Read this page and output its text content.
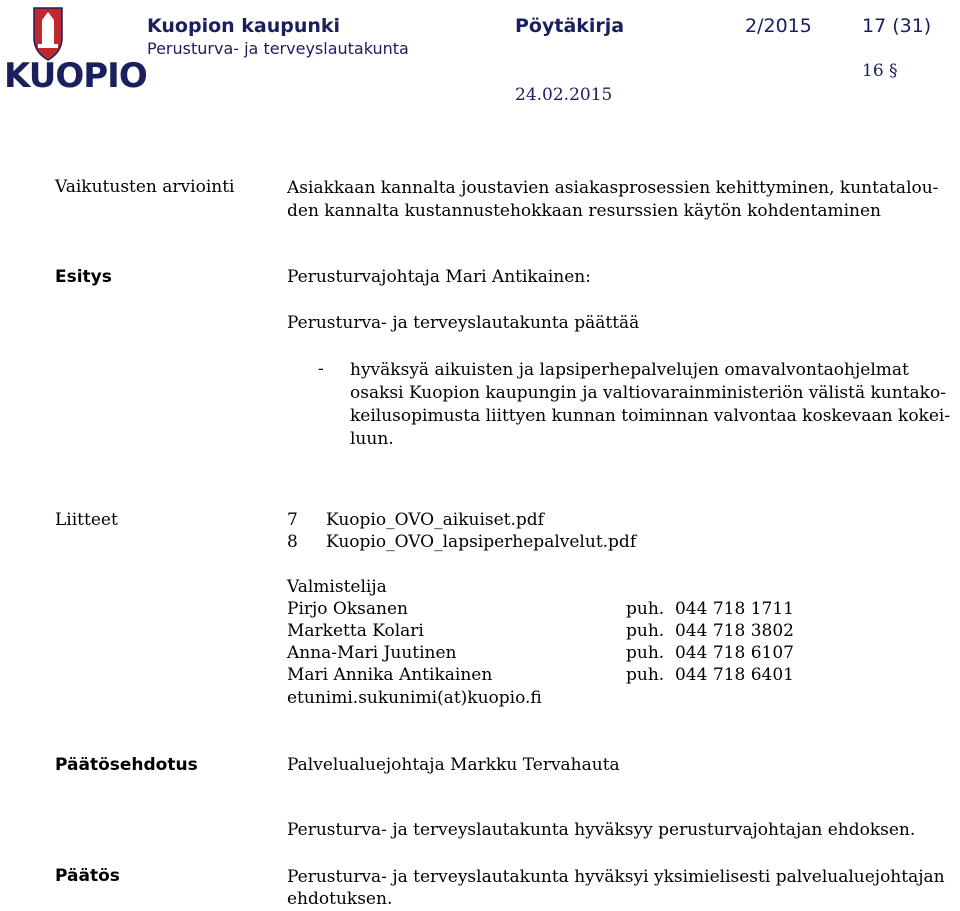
KUOPIO
Kuopion kaupunki
Perusturva- ja terveyslautakunta
Pöytäkirja	2/2015	17 (31)
16 §
24.02.2015
Vaikutusten arviointi	Asiakkaan kannalta joustavien asiakasprosessien kehittyminen, kuntatalou-
den kannalta kustannustehokkaan resurssien käytön kohdentaminen
Esitys	Perusturvajohtaja Mari Antikainen:
Perusturva- ja terveyslautakunta päättää
- hyväksyä aikuisten ja lapsiperhepalvelujen omavalvontaohjelmat
osaksi Kuopion kaupungin ja valtiovarainministeriön välistä kuntako-
keilusopimusta liittyen kunnan toiminnan valvontaa koskevaan kokei-
luun.
Liitteet	7 Kuopio_OVO_aikuiset.pdf
8 Kuopio_OVO_lapsiperhepalvelut.pdf
Valmistelija
Pirjo Oksanen	puh.  044 718 1711
Marketta Kolari	puh.  044 718 3802
Anna-Mari Juutinen	puh.  044 718 6107
Mari Annika Antikainen	puh.  044 718 6401
etunimi.sukunimi(at)kuopio.fi
Päätösehdotus	Palvelualuejohtaja Markku Tervahauta
Perusturva- ja terveyslautakunta hyväksyy perusturvajohtajan ehdoksen.
Päätös	Perusturva- ja terveyslautakunta hyväksyi yksimielisesti palvelualuejohtajan
ehdotuksen.
